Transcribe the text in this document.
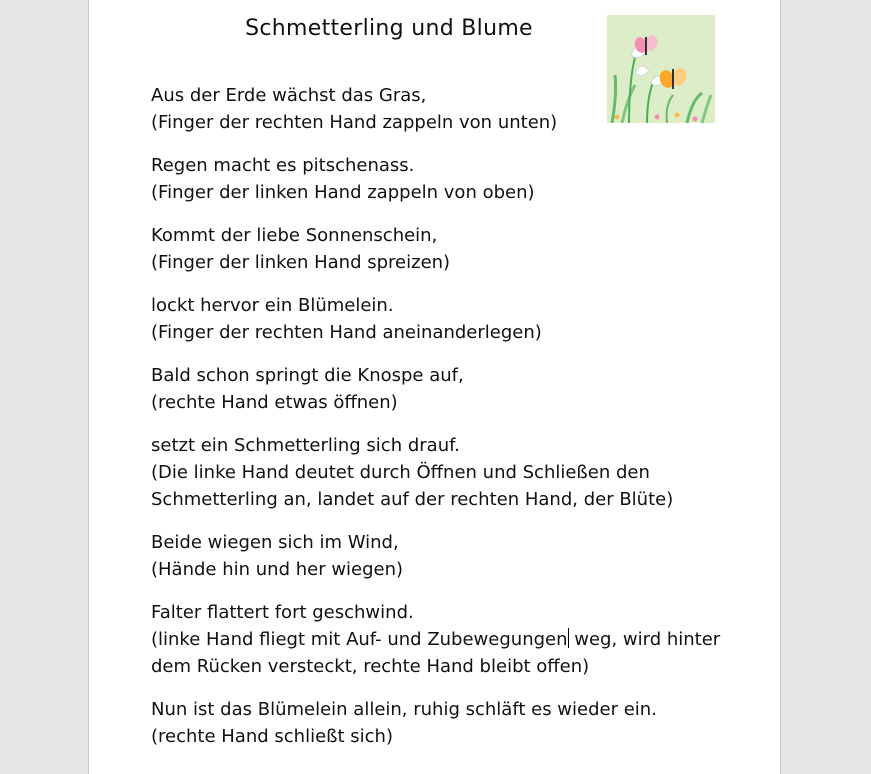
Schmetterling und Blume
Aus der Erde wächst das Gras,
(Finger der rechten Hand zappeln von unten)
Regen macht es pitschenass.
(Finger der linken Hand zappeln von oben)
Kommt der liebe Sonnenschein,
(Finger der linken Hand spreizen)
lockt hervor ein Blümelein.
(Finger der rechten Hand aneinanderlegen)
Bald schon springt die Knospe auf,
(rechte Hand etwas öffnen)
setzt ein Schmetterling sich drauf.
(Die linke Hand deutet durch Öffnen und Schließen den Schmetterling an, landet auf der rechten Hand, der Blüte)
Beide wiegen sich im Wind,
(Hände hin und her wiegen)
Falter flattert fort geschwind.
(linke Hand fliegt mit Auf- und Zubewegungen weg, wird hinter dem Rücken versteckt, rechte Hand bleibt offen)
Nun ist das Blümelein allein, ruhig schläft es wieder ein.
(rechte Hand schließt sich)
